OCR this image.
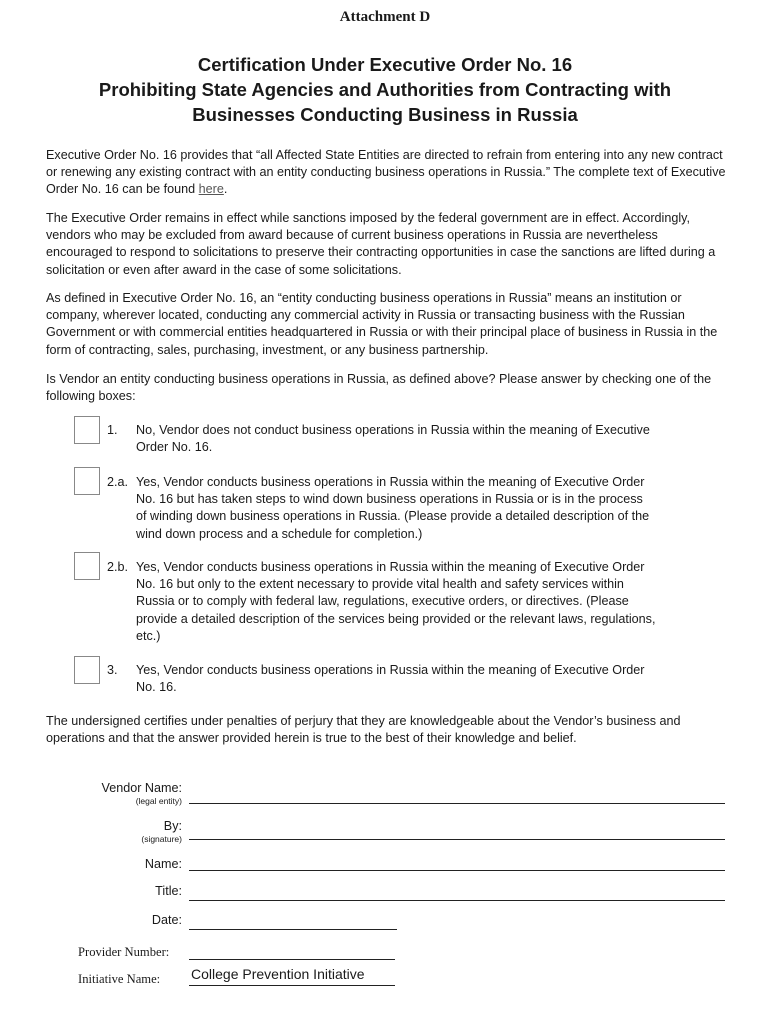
Attachment D
Certification Under Executive Order No. 16
Prohibiting State Agencies and Authorities from Contracting with
Businesses Conducting Business in Russia
Executive Order No. 16 provides that “all Affected State Entities are directed to refrain from entering into any new contract or renewing any existing contract with an entity conducting business operations in Russia.” The complete text of Executive Order No. 16 can be found here.
The Executive Order remains in effect while sanctions imposed by the federal government are in effect. Accordingly, vendors who may be excluded from award because of current business operations in Russia are nevertheless encouraged to respond to solicitations to preserve their contracting opportunities in case the sanctions are lifted during a solicitation or even after award in the case of some solicitations.
As defined in Executive Order No. 16, an “entity conducting business operations in Russia” means an institution or company, wherever located, conducting any commercial activity in Russia or transacting business with the Russian Government or with commercial entities headquartered in Russia or with their principal place of business in Russia in the form of contracting, sales, purchasing, investment, or any business partnership.
Is Vendor an entity conducting business operations in Russia, as defined above? Please answer by checking one of the following boxes:
1. No, Vendor does not conduct business operations in Russia within the meaning of Executive Order No. 16.
2.a. Yes, Vendor conducts business operations in Russia within the meaning of Executive Order No. 16 but has taken steps to wind down business operations in Russia or is in the process of winding down business operations in Russia. (Please provide a detailed description of the wind down process and a schedule for completion.)
2.b. Yes, Vendor conducts business operations in Russia within the meaning of Executive Order No. 16 but only to the extent necessary to provide vital health and safety services within Russia or to comply with federal law, regulations, executive orders, or directives. (Please provide a detailed description of the services being provided or the relevant laws, regulations, etc.)
3. Yes, Vendor conducts business operations in Russia within the meaning of Executive Order No. 16.
The undersigned certifies under penalties of perjury that they are knowledgeable about the Vendor’s business and operations and that the answer provided herein is true to the best of their knowledge and belief.
Vendor Name:
(legal entity)
By:
(signature)
Name:
Title:
Date:
Provider Number:
Initiative Name: College Prevention Initiative
